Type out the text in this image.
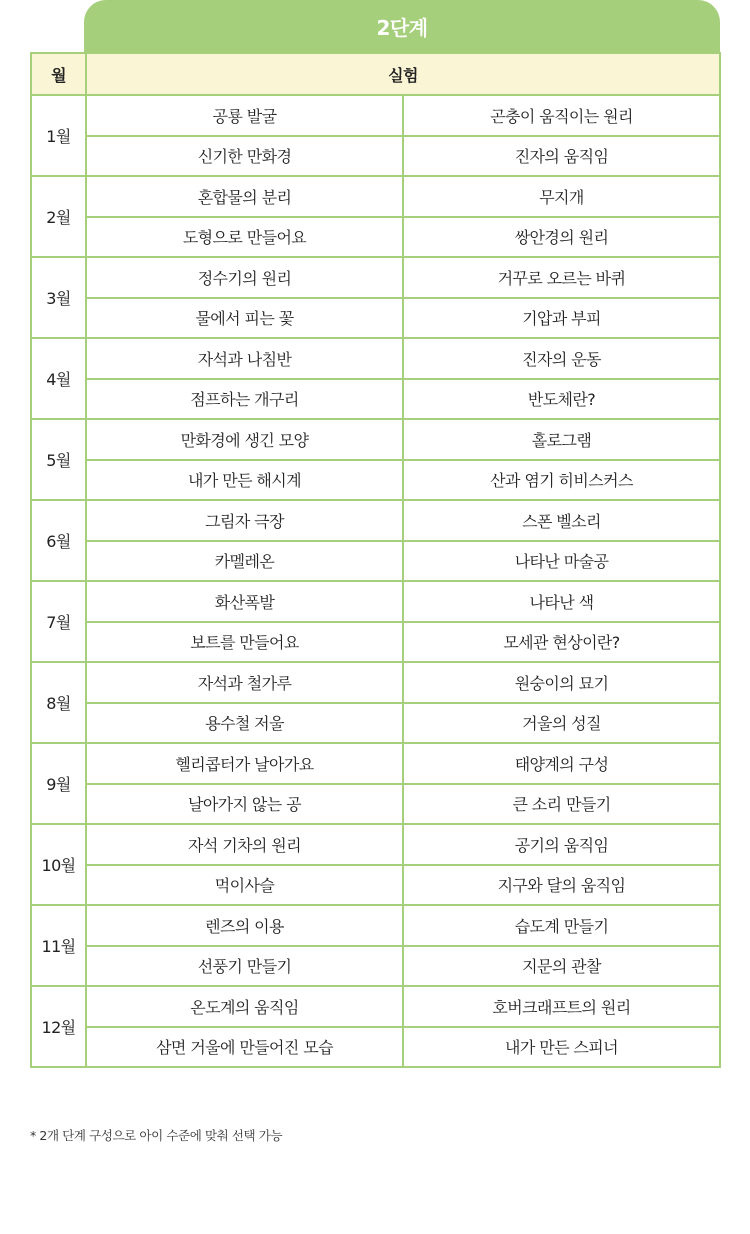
2단계
월	실험	
1월	공룡 발굴	곤충이 움직이는 원리
	신기한 만화경	진자의 움직임
2월	혼합물의 분리	무지개
	도형으로 만들어요	쌍안경의 원리
3월	정수기의 원리	거꾸로 오르는 바퀴
	물에서 피는 꽃	기압과 부피
4월	자석과 나침반	진자의 운동
	점프하는 개구리	반도체란?
5월	만화경에 생긴 모양	홀로그램
	내가 만든 해시계	산과 염기 히비스커스
6월	그림자 극장	스폰 벨소리
	카멜레온	나타난 마술공
7월	화산폭발	나타난 색
	보트를 만들어요	모세관 현상이란?
8월	자석과 철가루	원숭이의 묘기
	용수철 저울	거울의 성질
9월	헬리콥터가 날아가요	태양계의 구성
	날아가지 않는 공	큰 소리 만들기
10월	자석 기차의 원리	공기의 움직임
	먹이사슬	지구와 달의 움직임
11월	렌즈의 이용	습도계 만들기
	선풍기 만들기	지문의 관찰
12월	온도계의 움직임	호버크래프트의 원리
	삼면 거울에 만들어진 모습	내가 만든 스피너
* 2개 단계 구성으로 아이 수준에 맞춰 선택 가능
